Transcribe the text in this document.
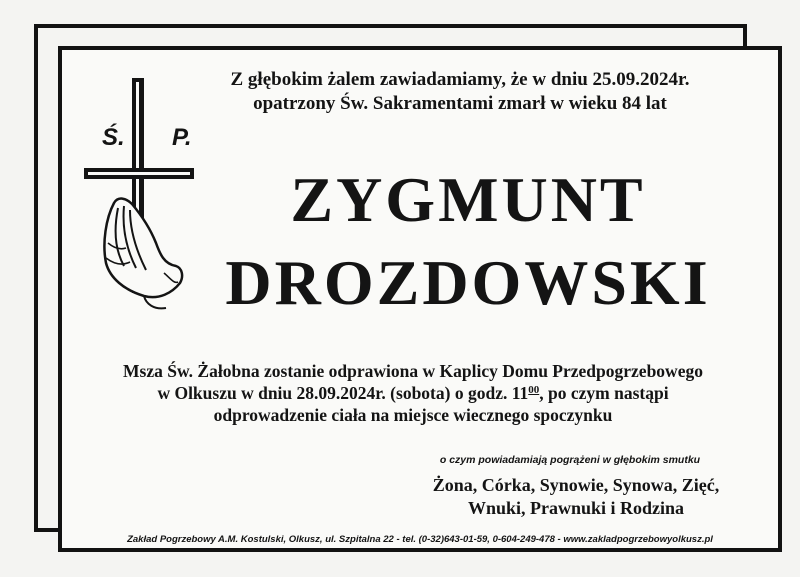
Ś. P.
Z głębokim żalem zawiadamiamy, że w dniu 25.09.2024r.
opatrzony Św. Sakramentami zmarł w wieku 84 lat
ZYGMUNT
DROZDOWSKI
Msza Św. Żałobna zostanie odprawiona w Kaplicy Domu Przedpogrzebowego
w Olkuszu w dniu 28.09.2024r. (sobota) o godz. $11^{00}$, po czym nastąpi
odprowadzenie ciała na miejsce wiecznego spoczynku
o czym powiadamiają pogrążeni w głębokim smutku
Żona, Córka, Synowie, Synowa, Zięć,
Wnuki, Prawnuki i Rodzina
Zakład Pogrzebowy A.M. Kostulski, Olkusz, ul. Szpitalna 22 - tel. (0-32)643-01-59, 0-604-249-478 - www.zakladpogrzebowyolkusz.pl
